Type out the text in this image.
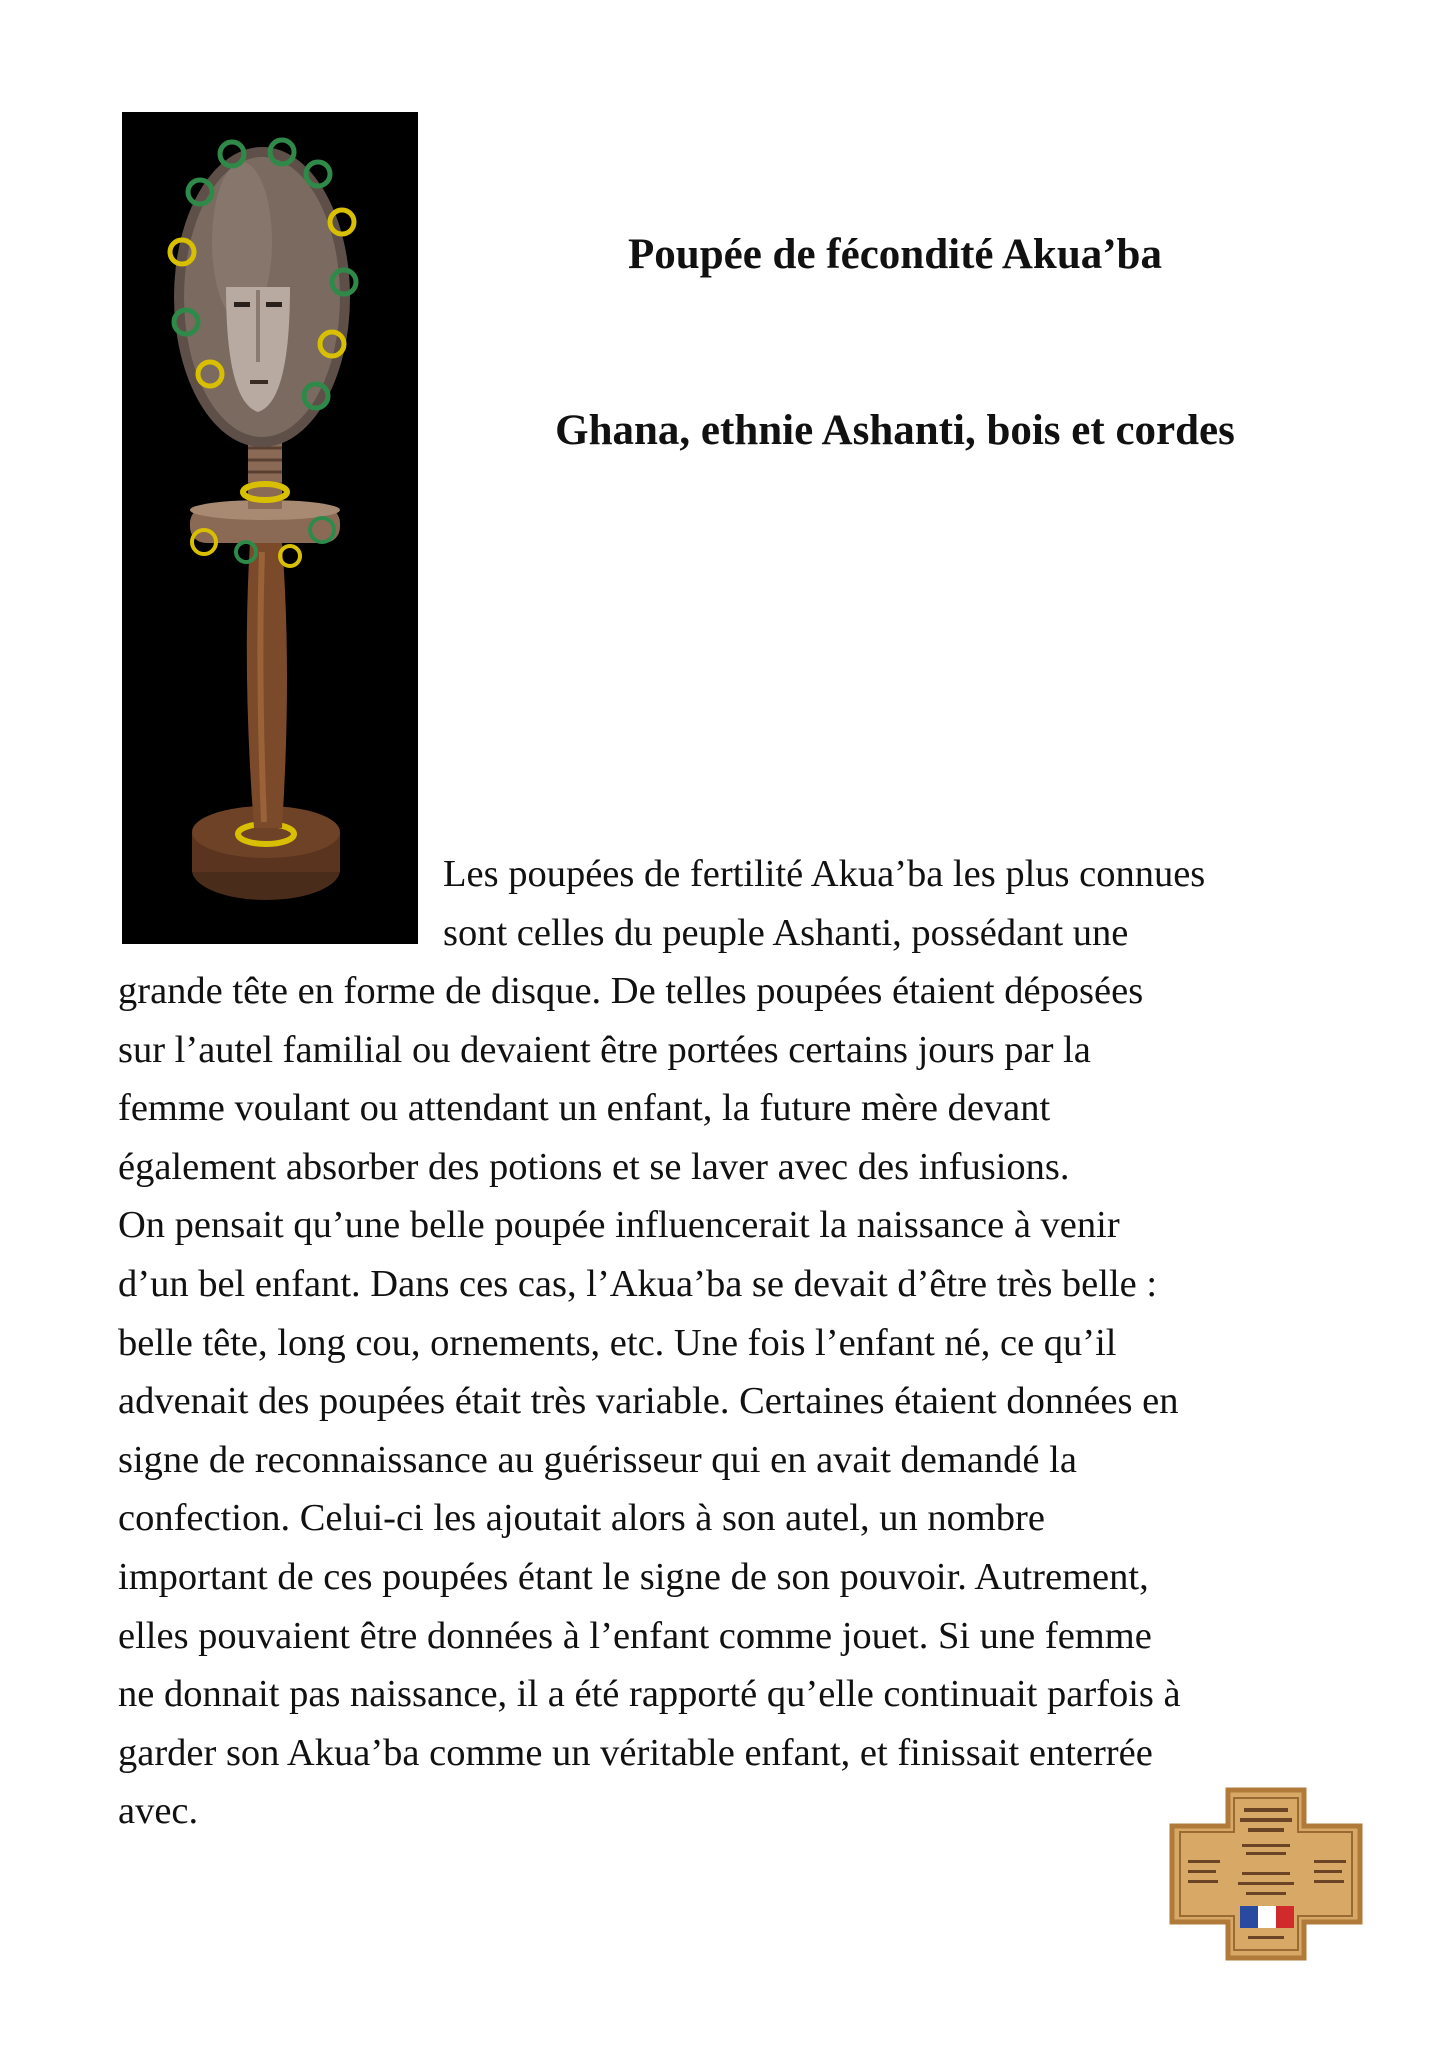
Poupée de fécondité Akua’ba
Ghana, ethnie Ashanti, bois et cordes

Les poupées de fertilité Akua’ba les plus connues
sont celles du peuple Ashanti, possédant une

grande tête en forme de disque. De telles poupées étaient déposées
sur l’autel familial ou devaient être portées certains jours par la
femme voulant ou attendant un enfant, la future mère devant
également absorber des potions et se laver avec des infusions.
On pensait qu’une belle poupée influencerait la naissance à venir
d’un bel enfant. Dans ces cas, l’Akua’ba se devait d’être très belle :
belle tête, long cou, ornements, etc. Une fois l’enfant né, ce qu’il
advenait des poupées était très variable. Certaines étaient données en
signe de reconnaissance au guérisseur qui en avait demandé la
confection. Celui-ci les ajoutait alors à son autel, un nombre
important de ces poupées étant le signe de son pouvoir. Autrement,
elles pouvaient être données à l’enfant comme jouet. Si une femme
ne donnait pas naissance, il a été rapporté qu’elle continuait parfois à
garder son Akua’ba comme un véritable enfant, et finissait enterrée
avec.
